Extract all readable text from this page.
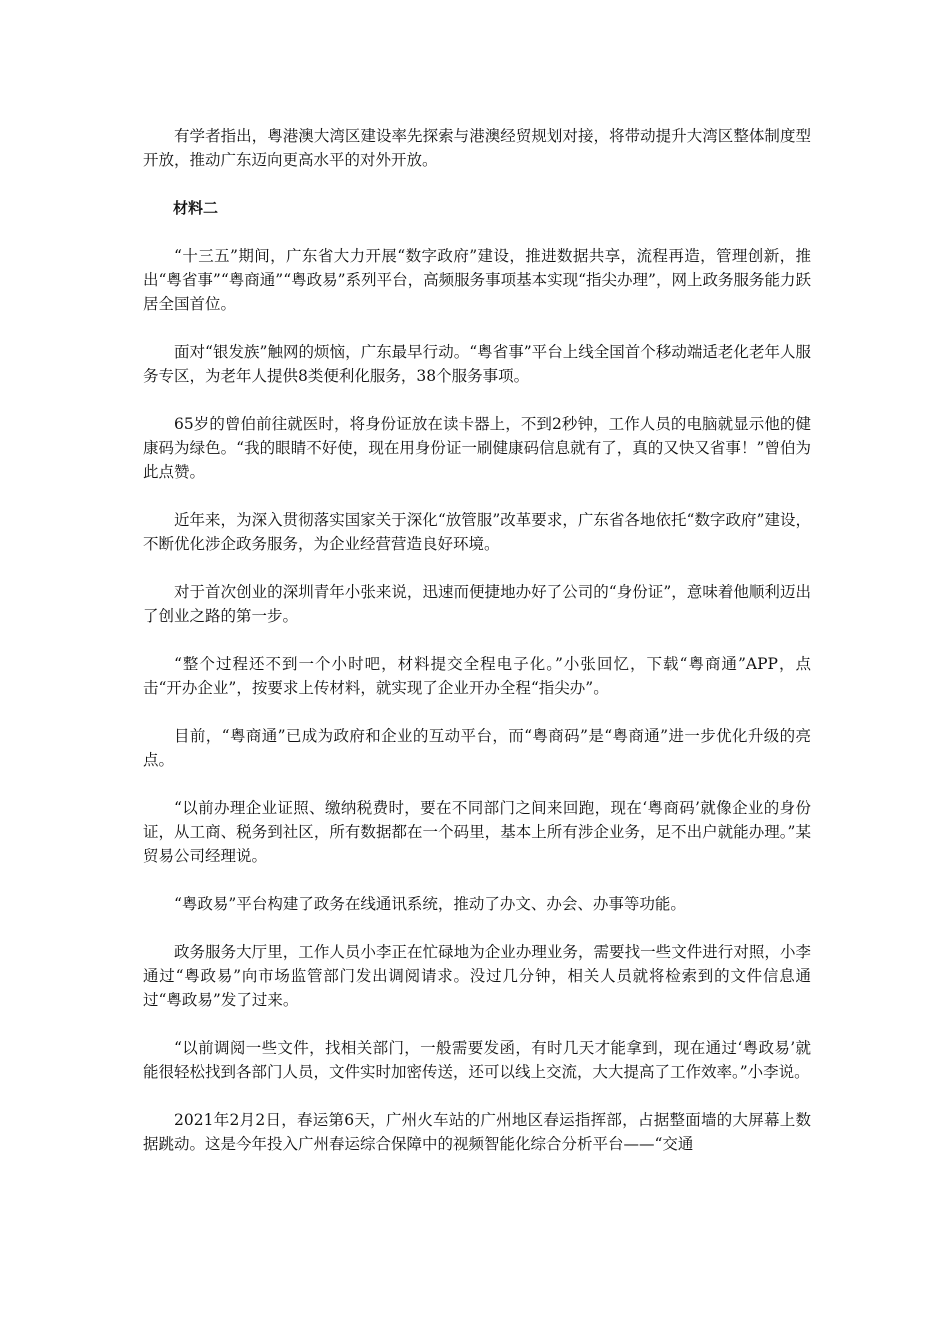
有学者指出，粤港澳大湾区建设率先探索与港澳经贸规划对接，将带动提升大湾区整体制度型开放，推动广东迈向更高水平的对外开放。

材料二

“十三五”期间，广东省大力开展“数字政府”建设，推进数据共享，流程再造，管理创新，推出“粤省事”“粤商通”“粤政易”系列平台，高频服务事项基本实现“指尖办理”，网上政务服务能力跃居全国首位。

面对“银发族”触网的烦恼，广东最早行动。“粤省事”平台上线全国首个移动端适老化老年人服务专区，为老年人提供8类便利化服务，38个服务事项。

65岁的曾伯前往就医时，将身份证放在读卡器上，不到2秒钟，工作人员的电脑就显示他的健康码为绿色。“我的眼睛不好使，现在用身份证一刷健康码信息就有了，真的又快又省事！”曾伯为此点赞。

近年来，为深入贯彻落实国家关于深化“放管服”改革要求，广东省各地依托“数字政府”建设，不断优化涉企政务服务，为企业经营营造良好环境。

对于首次创业的深圳青年小张来说，迅速而便捷地办好了公司的“身份证”，意味着他顺利迈出了创业之路的第一步。

“整个过程还不到一个小时吧，材料提交全程电子化。”小张回忆，下载“粤商通”APP，点击“开办企业”，按要求上传材料，就实现了企业开办全程“指尖办”。

目前，“粤商通”已成为政府和企业的互动平台，而“粤商码”是“粤商通”进一步优化升级的亮点。

“以前办理企业证照、缴纳税费时，要在不同部门之间来回跑，现在‘粤商码’就像企业的身份证，从工商、税务到社区，所有数据都在一个码里，基本上所有涉企业务，足不出户就能办理。”某贸易公司经理说。

“粤政易”平台构建了政务在线通讯系统，推动了办文、办会、办事等功能。

政务服务大厅里，工作人员小李正在忙碌地为企业办理业务，需要找一些文件进行对照，小李通过“粤政易”向市场监管部门发出调阅请求。没过几分钟，相关人员就将检索到的文件信息通过“粤政易”发了过来。

“以前调阅一些文件，找相关部门，一般需要发函，有时几天才能拿到，现在通过‘粤政易’就能很轻松找到各部门人员，文件实时加密传送，还可以线上交流，大大提高了工作效率。”小李说。

2021年2月2日，春运第6天，广州火车站的广州地区春运指挥部，占据整面墙的大屏幕上数据跳动。这是今年投入广州春运综合保障中的视频智能化综合分析平台——“交通
